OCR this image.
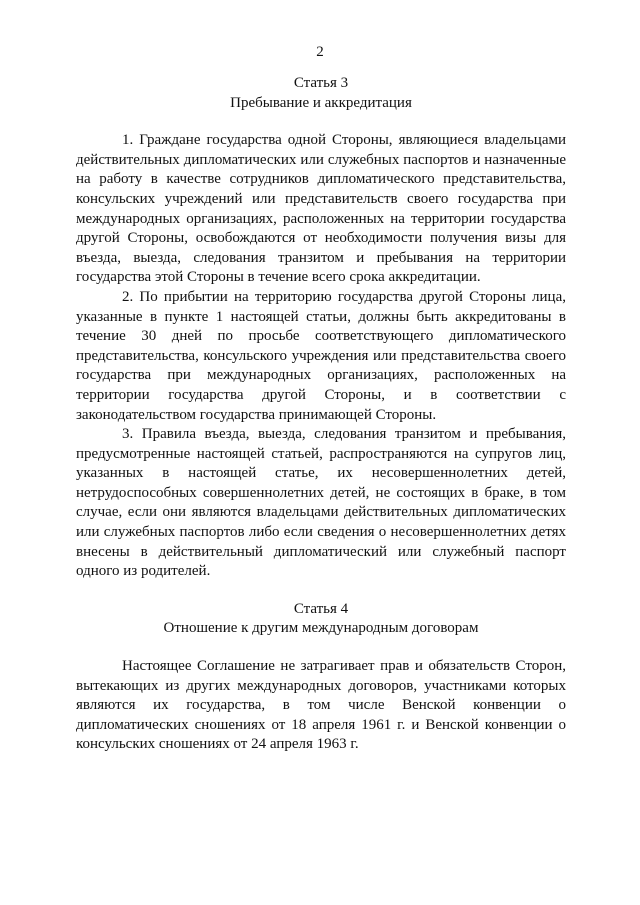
2

Статья 3

Пребывание и аккредитация

1. Граждане государства одной Стороны, являющиеся владельцами действительных дипломатических или служебных паспортов и назначенные на работу в качестве сотрудников дипломатического представительства, консульских учреждений или представительств своего государства при международных организациях, расположенных на территории государства другой Стороны, освобождаются от необходимости получения визы для въезда, выезда, следования транзитом и пребывания на территории государства этой Стороны в течение всего срока аккредитации.

2. По прибытии на территорию государства другой Стороны лица, указанные в пункте 1 настоящей статьи, должны быть аккредитованы в течение 30 дней по просьбе соответствующего дипломатического представительства, консульского учреждения или представительства своего государства при международных организациях, расположенных на территории государства другой Стороны, и в соответствии с законодательством государства принимающей Стороны.

3. Правила въезда, выезда, следования транзитом и пребывания, предусмотренные настоящей статьей, распространяются на супругов лиц, указанных в настоящей статье, их несовершеннолетних детей, нетрудоспособных совершеннолетних детей, не состоящих в браке, в том случае, если они являются владельцами действительных дипломатических или служебных паспортов либо если сведения о несовершеннолетних детях внесены в действительный дипломатический или служебный паспорт одного из родителей.

Статья 4

Отношение к другим международным договорам

Настоящее Соглашение не затрагивает прав и обязательств Сторон, вытекающих из других международных договоров, участниками которых являются их государства, в том числе Венской конвенции о дипломатических сношениях от 18 апреля 1961 г. и Венской конвенции о консульских сношениях от 24 апреля 1963 г.
